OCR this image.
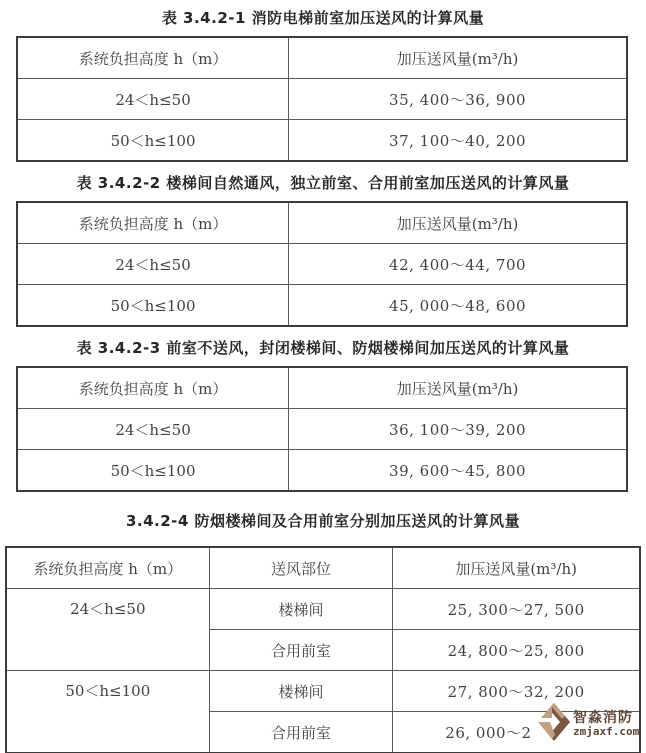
表 3.4.2-1 消防电梯前室加压送风的计算风量
系统负担高度 h（m）	加压送风量(m³/h)
24＜h≤50	35, 400～36, 900
50＜h≤100	37, 100～40, 200
表 3.4.2-2 楼梯间自然通风，独立前室、合用前室加压送风的计算风量
系统负担高度 h（m）	加压送风量(m³/h)
24＜h≤50	42, 400～44, 700
50＜h≤100	45, 000～48, 600
表 3.4.2-3 前室不送风，封闭楼梯间、防烟楼梯间加压送风的计算风量
系统负担高度 h（m）	加压送风量(m³/h)
24＜h≤50	36, 100～39, 200
50＜h≤100	39, 600～45, 800
3.4.2-4 防烟楼梯间及合用前室分别加压送风的计算风量
系统负担高度 h（m）	送风部位	加压送风量(m³/h)

24＜h≤50	楼梯间	25, 300～27, 500
	合用前室	24, 800～25, 800

50＜h≤100	楼梯间	27, 800～32, 200
	合用前室	26, 000～2
智淼消防
zmjaxf.com
